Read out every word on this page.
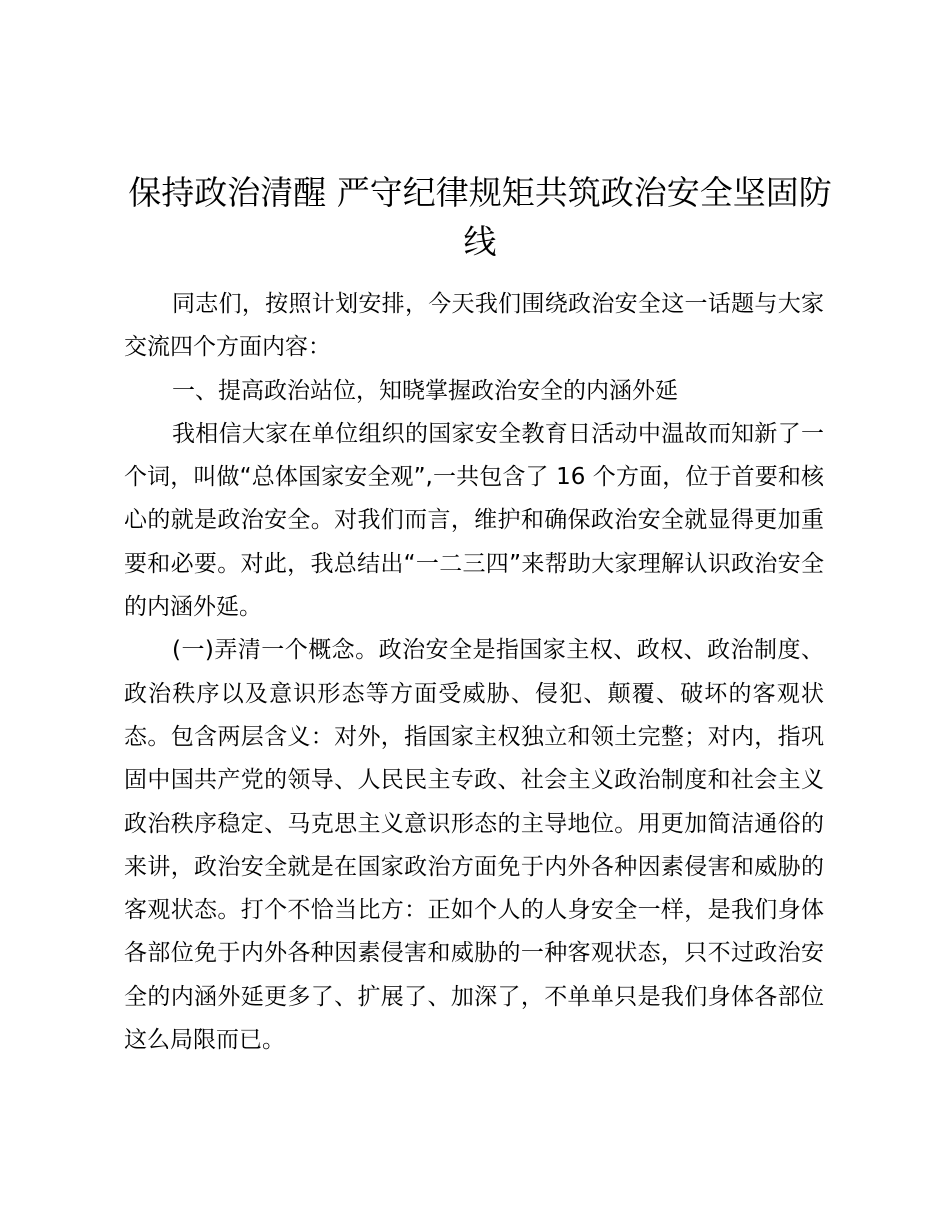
保持政治清醒 严守纪律规矩共筑政治安全坚固防线

同志们，按照计划安排，今天我们围绕政治安全这一话题与大家交流四个方面内容：

一、提高政治站位，知晓掌握政治安全的内涵外延

我相信大家在单位组织的国家安全教育日活动中温故而知新了一个词，叫做“总体国家安全观”,一共包含了 16 个方面，位于首要和核心的就是政治安全。对我们而言，维护和确保政治安全就显得更加重要和必要。对此，我总结出“一二三四”来帮助大家理解认识政治安全的内涵外延。

(一)弄清一个概念。政治安全是指国家主权、政权、政治制度、政治秩序以及意识形态等方面受威胁、侵犯、颠覆、破坏的客观状态。包含两层含义：对外，指国家主权独立和领土完整；对内，指巩固中国共产党的领导、人民民主专政、社会主义政治制度和社会主义政治秩序稳定、马克思主义意识形态的主导地位。用更加简洁通俗的来讲，政治安全就是在国家政治方面免于内外各种因素侵害和威胁的客观状态。打个不恰当比方：正如个人的人身安全一样，是我们身体各部位免于内外各种因素侵害和威胁的一种客观状态，只不过政治安全的内涵外延更多了、扩展了、加深了，不单单只是我们身体各部位这么局限而已。
